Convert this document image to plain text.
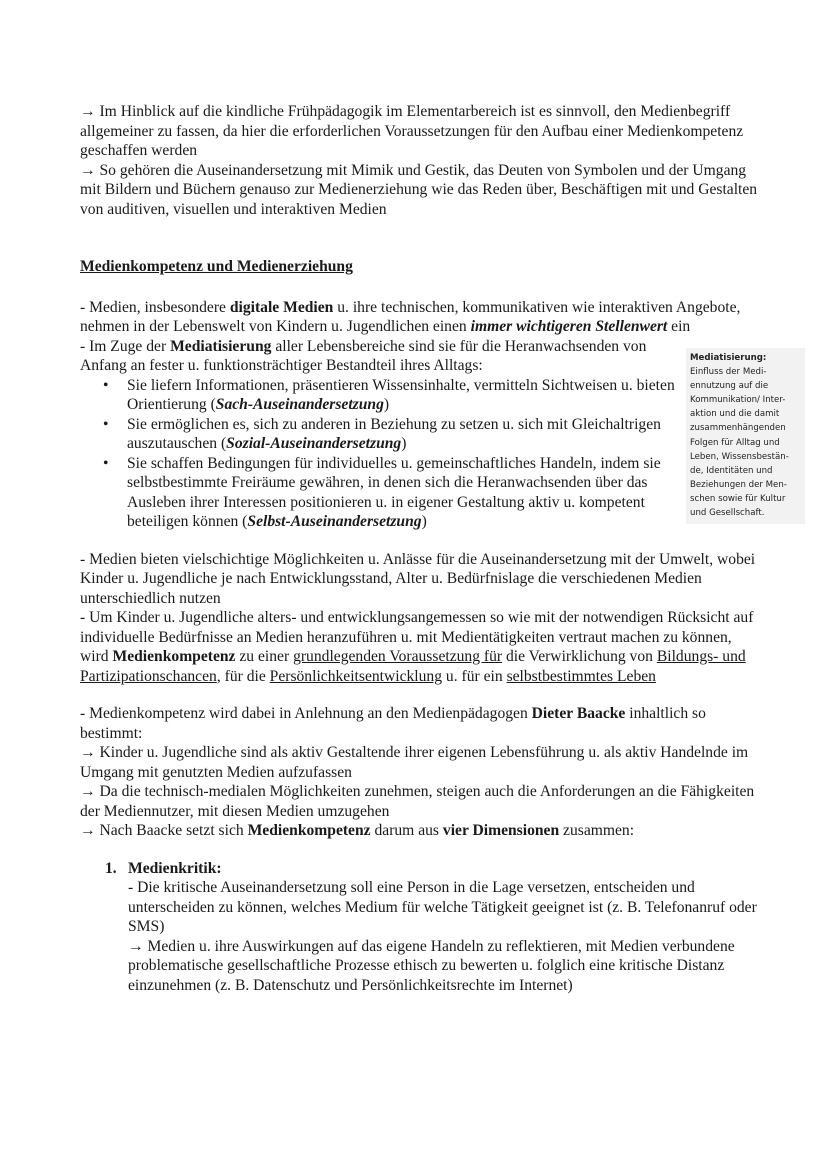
→ Im Hinblick auf die kindliche Frühpädagogik im Elementarbereich ist es sinnvoll, den Medienbegriff allgemeiner zu fassen, da hier die erforderlichen Voraussetzungen für den Aufbau einer Medienkompetenz geschaffen werden

→ So gehören die Auseinandersetzung mit Mimik und Gestik, das Deuten von Symbolen und der Umgang mit Bildern und Büchern genauso zur Medienerziehung wie das Reden über, Beschäftigen mit und Gestalten von auditiven, visuellen und interaktiven Medien

Medienkompetenz und Medienerziehung

- Medien, insbesondere digitale Medien u. ihre technischen, kommunikativen wie interaktiven Angebote, nehmen in der Lebenswelt von Kindern u. Jugendlichen einen immer wichtigeren Stellenwert ein

- Im Zuge der Mediatisierung aller Lebensbereiche sind sie für die Heranwachsenden von Anfang an fester u. funktionsträchtiger Bestandteil ihres Alltags:

• Sie liefern Informationen, präsentieren Wissensinhalte, vermitteln Sichtweisen u. bieten Orientierung (Sach-Auseinandersetzung)
• Sie ermöglichen es, sich zu anderen in Beziehung zu setzen u. sich mit Gleichaltrigen auszutauschen (Sozial-Auseinandersetzung)
• Sie schaffen Bedingungen für individuelles u. gemeinschaftliches Handeln, indem sie selbstbestimmte Freiräume gewähren, in denen sich die Heranwachsenden über das Ausleben ihrer Interessen positionieren u. in eigener Gestaltung aktiv u. kompetent beteiligen können (Selbst-Auseinandersetzung)

- Medien bieten vielschichtige Möglichkeiten u. Anlässe für die Auseinandersetzung mit der Umwelt, wobei Kinder u. Jugendliche je nach Entwicklungsstand, Alter u. Bedürfnislage die verschiedenen Medien unterschiedlich nutzen

- Um Kinder u. Jugendliche alters- und entwicklungsangemessen so wie mit der notwendigen Rücksicht auf individuelle Bedürfnisse an Medien heranzuführen u. mit Medientätigkeiten vertraut machen zu können, wird Medienkompetenz zu einer grundlegenden Voraussetzung für die Verwirklichung von Bildungs- und Partizipationschancen, für die Persönlichkeitsentwicklung u. für ein selbstbestimmtes Leben

- Medienkompetenz wird dabei in Anlehnung an den Medienpädagogen Dieter Baacke inhaltlich so bestimmt:

→ Kinder u. Jugendliche sind als aktiv Gestaltende ihrer eigenen Lebensführung u. als aktiv Handelnde im Umgang mit genutzten Medien aufzufassen

→ Da die technisch-medialen Möglichkeiten zunehmen, steigen auch die Anforderungen an die Fähigkeiten der Mediennutzer, mit diesen Medien umzugehen

→ Nach Baacke setzt sich Medienkompetenz darum aus vier Dimensionen zusammen:

1. Medienkritik:

- Die kritische Auseinandersetzung soll eine Person in die Lage versetzen, entscheiden und unterscheiden zu können, welches Medium für welche Tätigkeit geeignet ist (z. B. Telefonanruf oder SMS)

→ Medien u. ihre Auswirkungen auf das eigene Handeln zu reflektieren, mit Medien verbundene problematische gesellschaftliche Prozesse ethisch zu bewerten u. folglich eine kritische Distanz einzunehmen (z. B. Datenschutz und Persönlichkeitsrechte im Internet)

Mediatisierung:
Einfluss der Medi-
ennutzung auf die
Kommunikation/ Inter-
aktion und die damit
zusammenhängenden
Folgen für Alltag und
Leben, Wissensbestän-
de, Identitäten und
Beziehungen der Men-
schen sowie für Kultur
und Gesellschaft.
